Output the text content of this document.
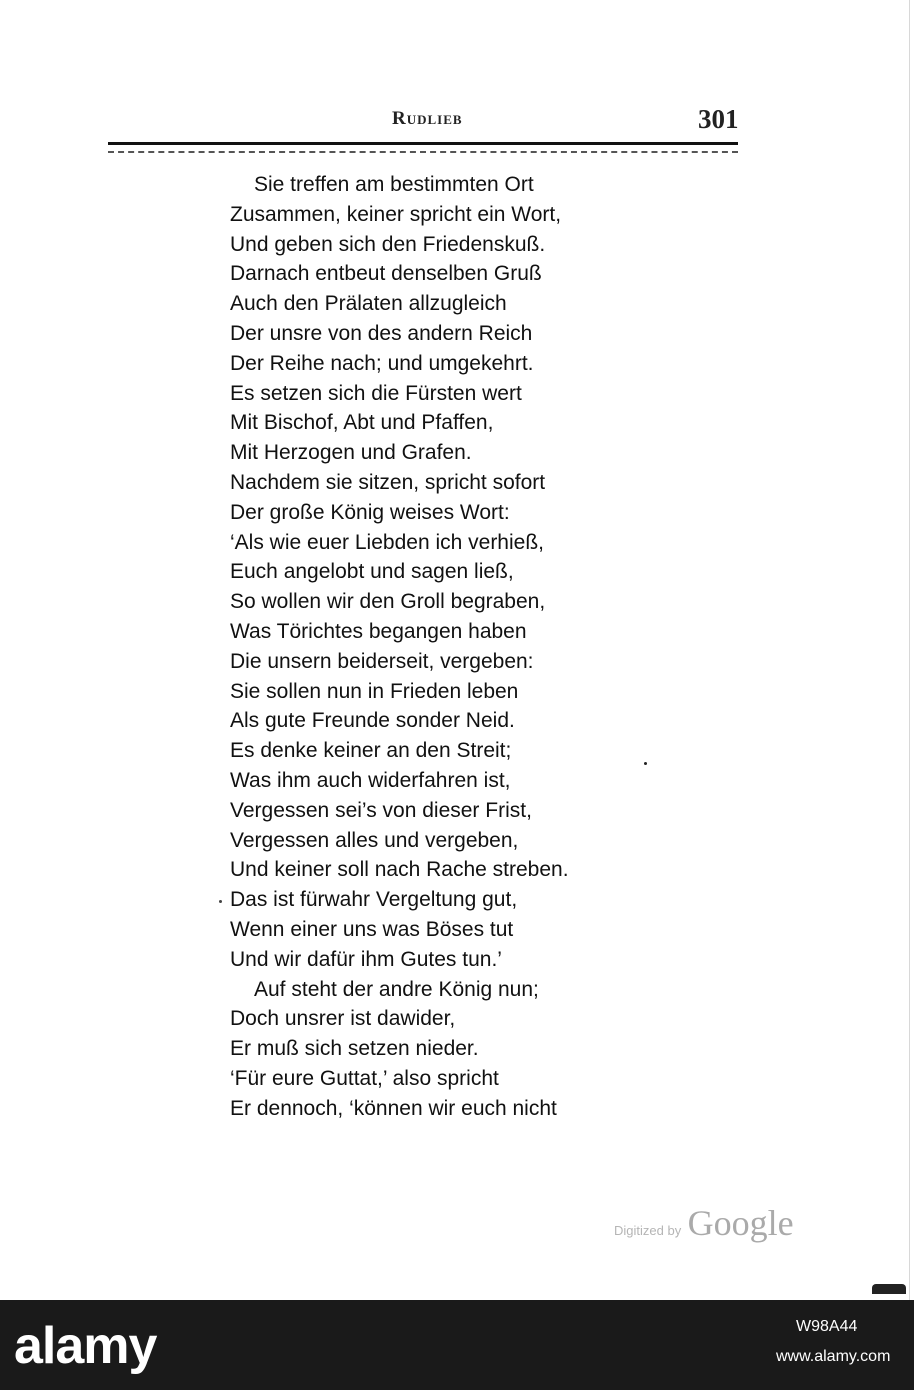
Rudlieb	301
Sie treffen am bestimmten Ort
Zusammen, keiner spricht ein Wort,
Und geben sich den Friedenskuß.
Darnach entbeut denselben Gruß
Auch den Prälaten allzugleich
Der unsre von des andern Reich
Der Reihe nach; und umgekehrt.
Es setzen sich die Fürsten wert
Mit Bischof, Abt und Pfaffen,
Mit Herzogen und Grafen.
Nachdem sie sitzen, spricht sofort
Der große König weises Wort:
‘Als wie euer Liebden ich verhieß,
Euch angelobt und sagen ließ,
So wollen wir den Groll begraben,
Was Törichtes begangen haben
Die unsern beiderseit, vergeben:
Sie sollen nun in Frieden leben
Als gute Freunde sonder Neid.
Es denke keiner an den Streit;
Was ihm auch widerfahren ist,
Vergessen sei’s von dieser Frist,
Vergessen alles und vergeben,
Und keiner soll nach Rache streben.
Das ist fürwahr Vergeltung gut,
Wenn einer uns was Böses tut
Und wir dafür ihm Gutes tun.’
Auf steht der andre König nun;
Doch unsrer ist dawider,
Er muß sich setzen nieder.
‘Für eure Guttat,’ also spricht
Er dennoch, ‘können wir euch nicht
Digitized by Google
alamy	W98A44
www.alamy.com
